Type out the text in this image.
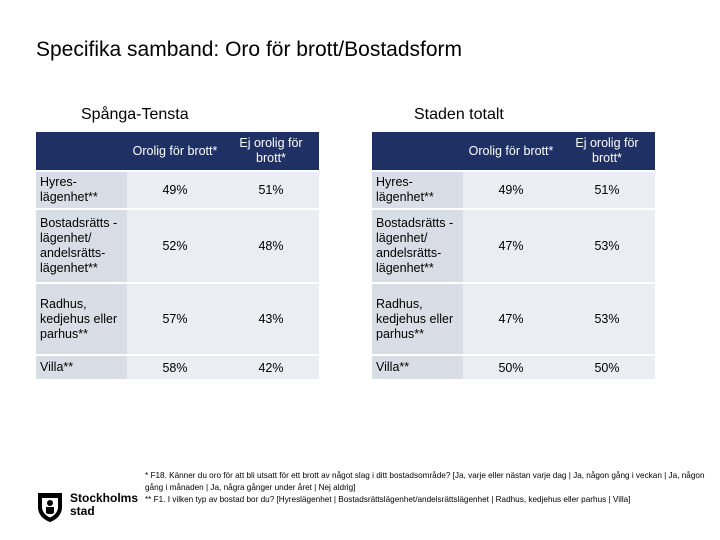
Specifika samband: Oro för brott/Bostadsform
Spånga-Tensta	Staden totalt
	Orolig för brott*	Ej orolig för brott*
Hyres-lägenhet**	49%	51%
Bostadsrätts -lägenhet/ andelsrätts-lägenhet**	52%	48%
Radhus, kedjehus eller parhus**	57%	43%
Villa**	58%	42%
	Orolig för brott*	Ej orolig för brott*
Hyres-lägenhet**	49%	51%
Bostadsrätts -lägenhet/ andelsrätts-lägenhet**	47%	53%
Radhus, kedjehus eller parhus**	47%	53%
Villa**	50%	50%
Stockholms
stad
* F18. Känner du oro för att bli utsatt för ett brott av något slag i ditt bostadsområde? [Ja, varje eller nästan varje dag | Ja, någon gång i veckan | Ja, någon gång i månaden | Ja, några gånger under året | Nej aldrig]
** F1. I vilken typ av bostad bor du? [Hyreslägenhet | Bostadsrättslägenhet/andelsrättslägenhet | Radhus, kedjehus eller parhus | Villa]
